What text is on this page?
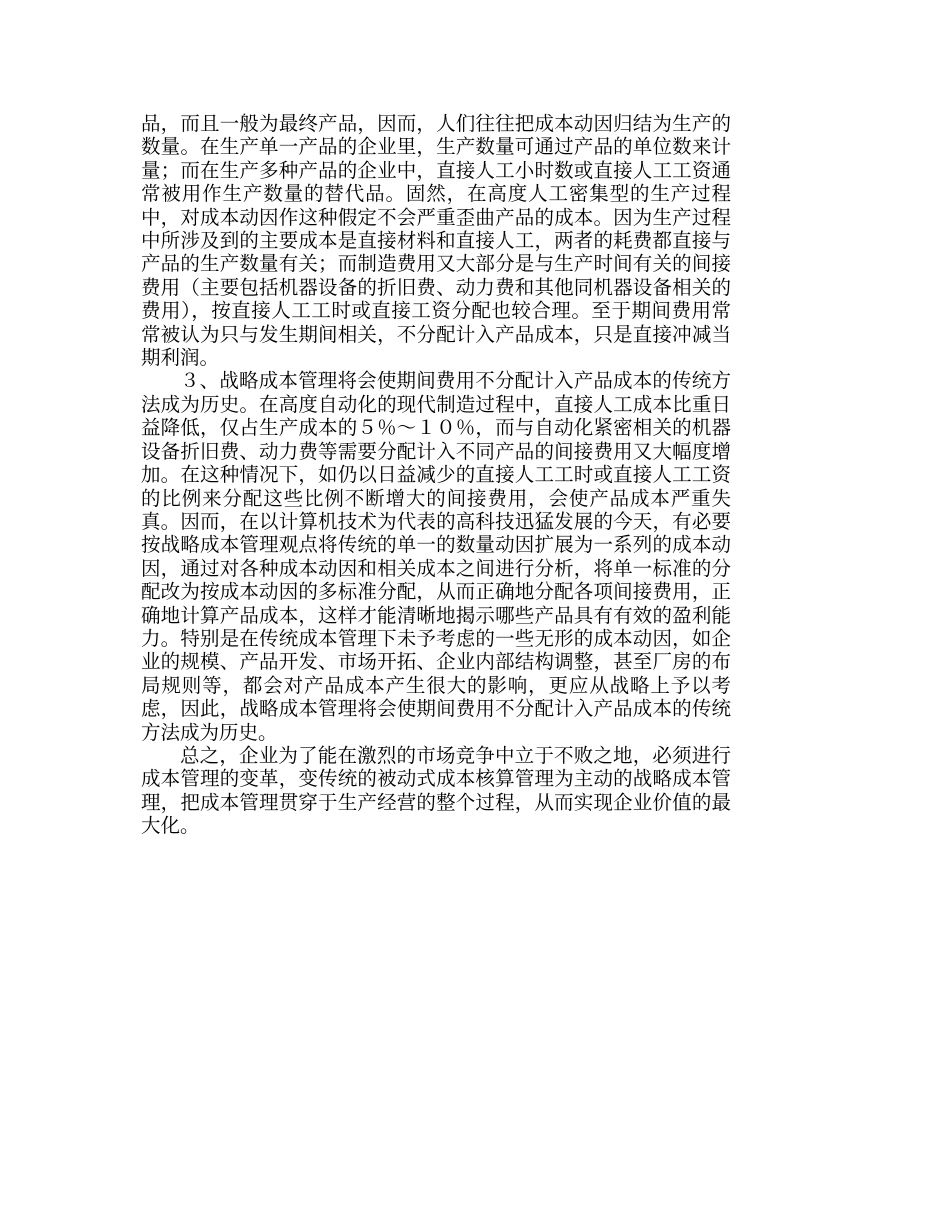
品，而且一般为最终产品，因而，人们往往把成本动因归结为生产的数量。在生产单一产品的企业里，生产数量可通过产品的单位数来计量；而在生产多种产品的企业中，直接人工小时数或直接人工工资通常被用作生产数量的替代品。固然，在高度人工密集型的生产过程中，对成本动因作这种假定不会严重歪曲产品的成本。因为生产过程中所涉及到的主要成本是直接材料和直接人工，两者的耗费都直接与产品的生产数量有关；而制造费用又大部分是与生产时间有关的间接费用（主要包括机器设备的折旧费、动力费和其他同机器设备相关的费用），按直接人工工时或直接工资分配也较合理。至于期间费用常常被认为只与发生期间相关，不分配计入产品成本，只是直接冲减当期利润。

３、战略成本管理将会使期间费用不分配计入产品成本的传统方法成为历史。在高度自动化的现代制造过程中，直接人工成本比重日益降低，仅占生产成本的５％～１０％，而与自动化紧密相关的机器设备折旧费、动力费等需要分配计入不同产品的间接费用又大幅度增加。在这种情况下，如仍以日益减少的直接人工工时或直接人工工资的比例来分配这些比例不断增大的间接费用，会使产品成本严重失真。因而，在以计算机技术为代表的高科技迅猛发展的今天，有必要按战略成本管理观点将传统的单一的数量动因扩展为一系列的成本动因，通过对各种成本动因和相关成本之间进行分析，将单一标准的分配改为按成本动因的多标准分配，从而正确地分配各项间接费用，正确地计算产品成本，这样才能清晰地揭示哪些产品具有有效的盈利能力。特别是在传统成本管理下未予考虑的一些无形的成本动因，如企业的规模、产品开发、市场开拓、企业内部结构调整，甚至厂房的布局规则等，都会对产品成本产生很大的影响，更应从战略上予以考虑，因此，战略成本管理将会使期间费用不分配计入产品成本的传统方法成为历史。

总之，企业为了能在激烈的市场竞争中立于不败之地，必须进行成本管理的变革，变传统的被动式成本核算管理为主动的战略成本管理，把成本管理贯穿于生产经营的整个过程，从而实现企业价值的最大化。
